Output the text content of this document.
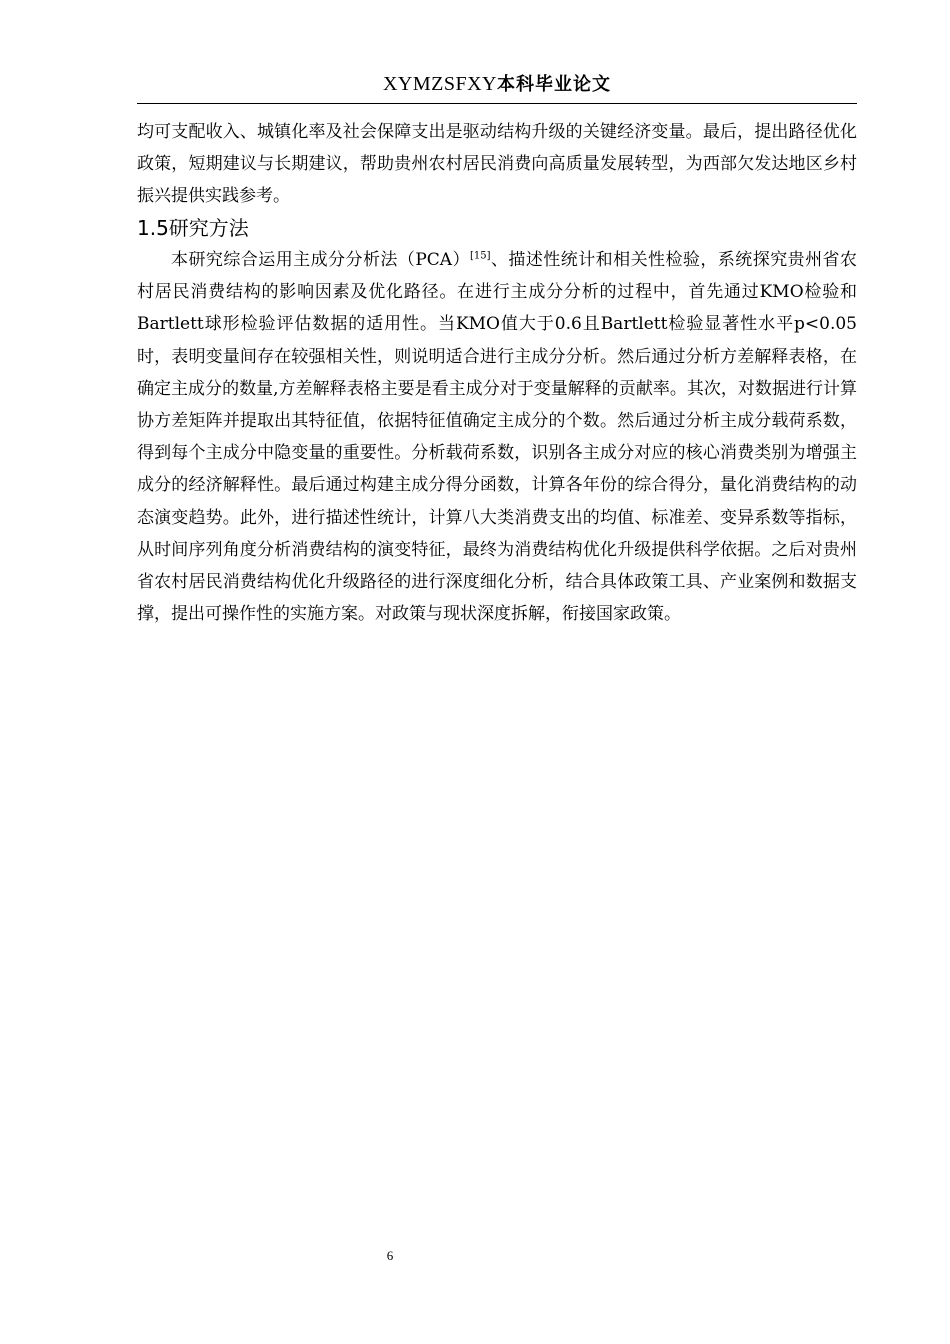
XYMZSFXY本科毕业论文

均可支配收入、城镇化率及社会保障支出是驱动结构升级的关键经济变量。最后，提出路径优化政策，短期建议与长期建议，帮助贵州农村居民消费向高质量发展转型，为西部欠发达地区乡村振兴提供实践参考。

1.5研究方法

本研究综合运用主成分分析法（PCA）[15]、描述性统计和相关性检验，系统探究贵州省农村居民消费结构的影响因素及优化路径。在进行主成分分析的过程中，首先通过KMO检验和Bartlett球形检验评估数据的适用性。当KMO值大于0.6且Bartlett检验显著性水平p<0.05时，表明变量间存在较强相关性，则说明适合进行主成分分析。然后通过分析方差解释表格，在确定主成分的数量,方差解释表格主要是看主成分对于变量解释的贡献率。其次，对数据进行计算协方差矩阵并提取出其特征值，依据特征值确定主成分的个数。然后通过分析主成分载荷系数，得到每个主成分中隐变量的重要性。分析载荷系数，识别各主成分对应的核心消费类别为增强主成分的经济解释性。最后通过构建主成分得分函数，计算各年份的综合得分，量化消费结构的动态演变趋势。此外，进行描述性统计，计算八大类消费支出的均值、标准差、变异系数等指标，从时间序列角度分析消费结构的演变特征，最终为消费结构优化升级提供科学依据。之后对贵州省农村居民消费结构优化升级路径的进行深度细化分析，结合具体政策工具、产业案例和数据支撑，提出可操作性的实施方案。对政策与现状深度拆解，衔接国家政策。

6
